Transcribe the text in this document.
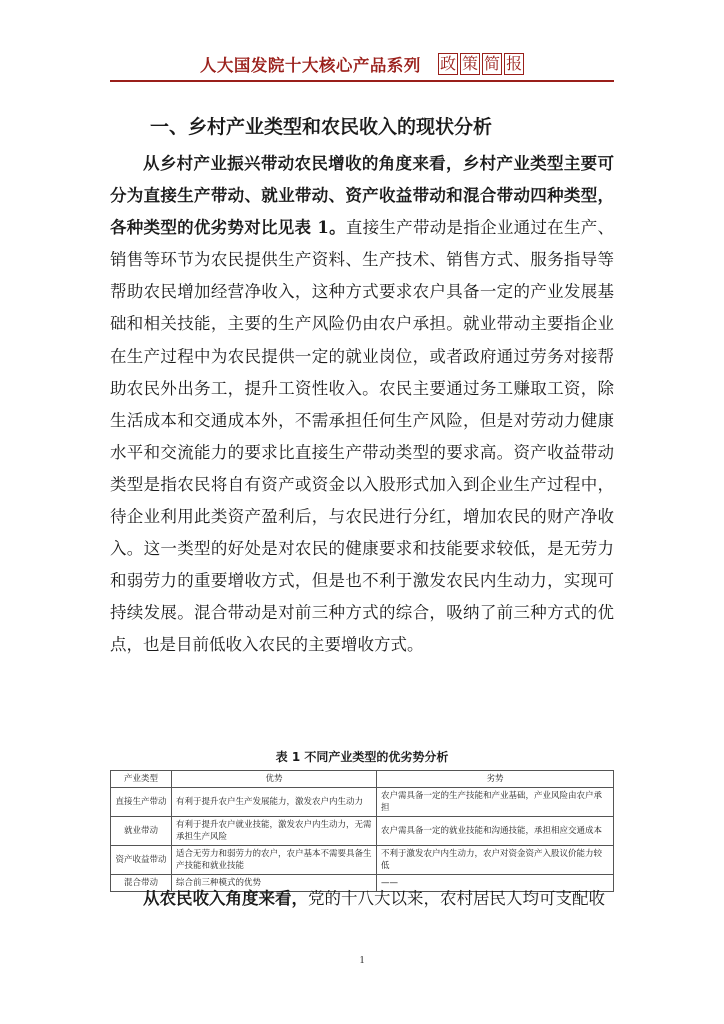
人大国发院十大核心产品系列 政 策 简 报
一、乡村产业类型和农民收入的现状分析

从乡村产业振兴带动农民增收的角度来看，乡村产业类型主要可分为直接生产带动、就业带动、资产收益带动和混合带动四种类型，各种类型的优劣势对比见表 1。直接生产带动是指企业通过在生产、销售等环节为农民提供生产资料、生产技术、销售方式、服务指导等帮助农民增加经营净收入，这种方式要求农户具备一定的产业发展基础和相关技能，主要的生产风险仍由农户承担。就业带动主要指企业在生产过程中为农民提供一定的就业岗位，或者政府通过劳务对接帮助农民外出务工，提升工资性收入。农民主要通过务工赚取工资，除生活成本和交通成本外，不需承担任何生产风险，但是对劳动力健康水平和交流能力的要求比直接生产带动类型的要求高。资产收益带动类型是指农民将自有资产或资金以入股形式加入到企业生产过程中，待企业利用此类资产盈利后，与农民进行分红，增加农民的财产净收入。这一类型的好处是对农民的健康要求和技能要求较低，是无劳力和弱劳力的重要增收方式，但是也不利于激发农民内生动力，实现可持续发展。混合带动是对前三种方式的综合，吸纳了前三种方式的优点，也是目前低收入农民的主要增收方式。

表 1 不同产业类型的优劣势分析
产业类型	优势	劣势
直接生产带动	有利于提升农户生产发展能力，激发农户内生动力	农户需具备一定的生产技能和产业基础，产业风险由农户承担
就业带动	有利于提升农户就业技能，激发农户内生动力，无需承担生产风险	农户需具备一定的就业技能和沟通技能，承担相应交通成本
资产收益带动	适合无劳力和弱劳力的农户，农户基本不需要具备生产技能和就业技能	不利于激发农户内生动力，农户对资金资产入股议价能力较低
混合带动	综合前三种模式的优势	——

从农民收入角度来看，党的十八大以来，农村居民人均可支配收

1
